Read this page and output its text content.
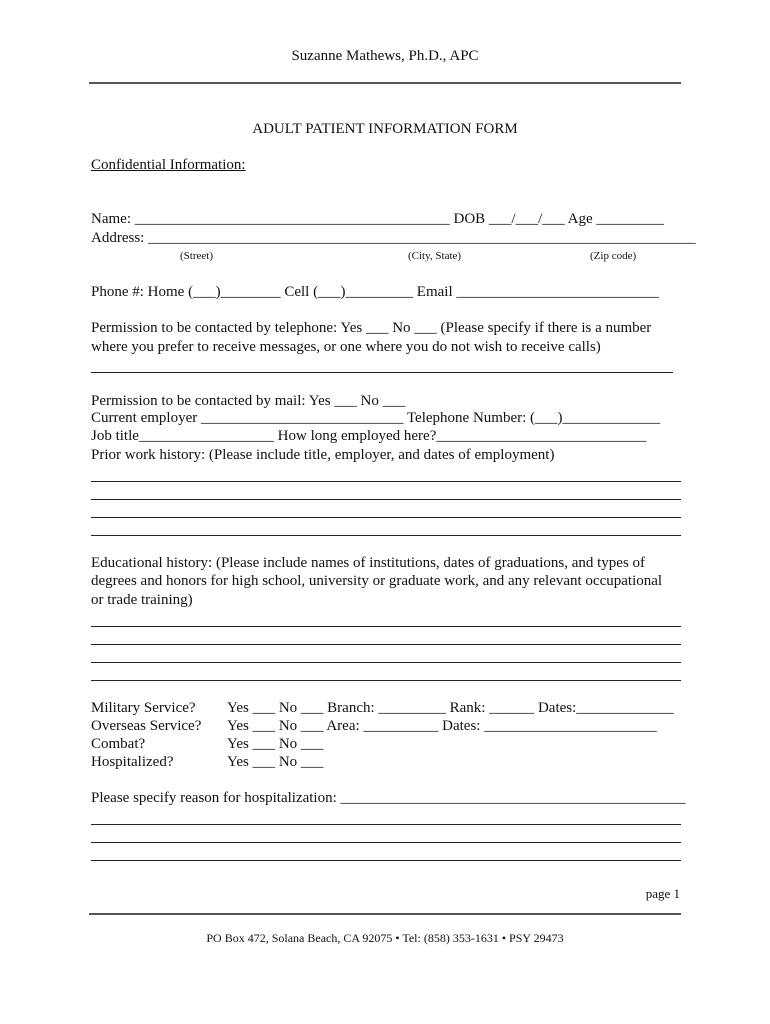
Suzanne Mathews, Ph.D., APC
ADULT PATIENT INFORMATION FORM
Confidential Information:
Name: __________________________________________ DOB ___/___/___ Age _________
Address: _________________________________________________________________________
(Street)	(City, State)	(Zip code)
Phone #: Home (___)________ Cell (___)_________ Email ___________________________
Permission to be contacted by telephone: Yes ___ No ___ (Please specify if there is a number
where you prefer to receive messages, or one where you do not wish to receive calls)
Permission to be contacted by mail: Yes ___ No ___
Current employer ___________________________ Telephone Number: (___)_____________
Job title__________________ How long employed here?____________________________
Prior work history: (Please include title, employer, and dates of employment)
Educational history: (Please include names of institutions, dates of graduations, and types of
degrees and honors for high school, university or graduate work, and any relevant occupational
or trade training)
Military Service? Yes ___ No ___ Branch: _________ Rank: ______ Dates:_____________
Overseas Service? Yes ___ No ___ Area: __________ Dates: _______________________
Combat?	Yes ___ No ___
Hospitalized?	Yes ___ No ___
Please specify reason for hospitalization: ______________________________________________
page 1
PO Box 472, Solana Beach, CA 92075 • Tel: (858) 353-1631 • PSY 29473
